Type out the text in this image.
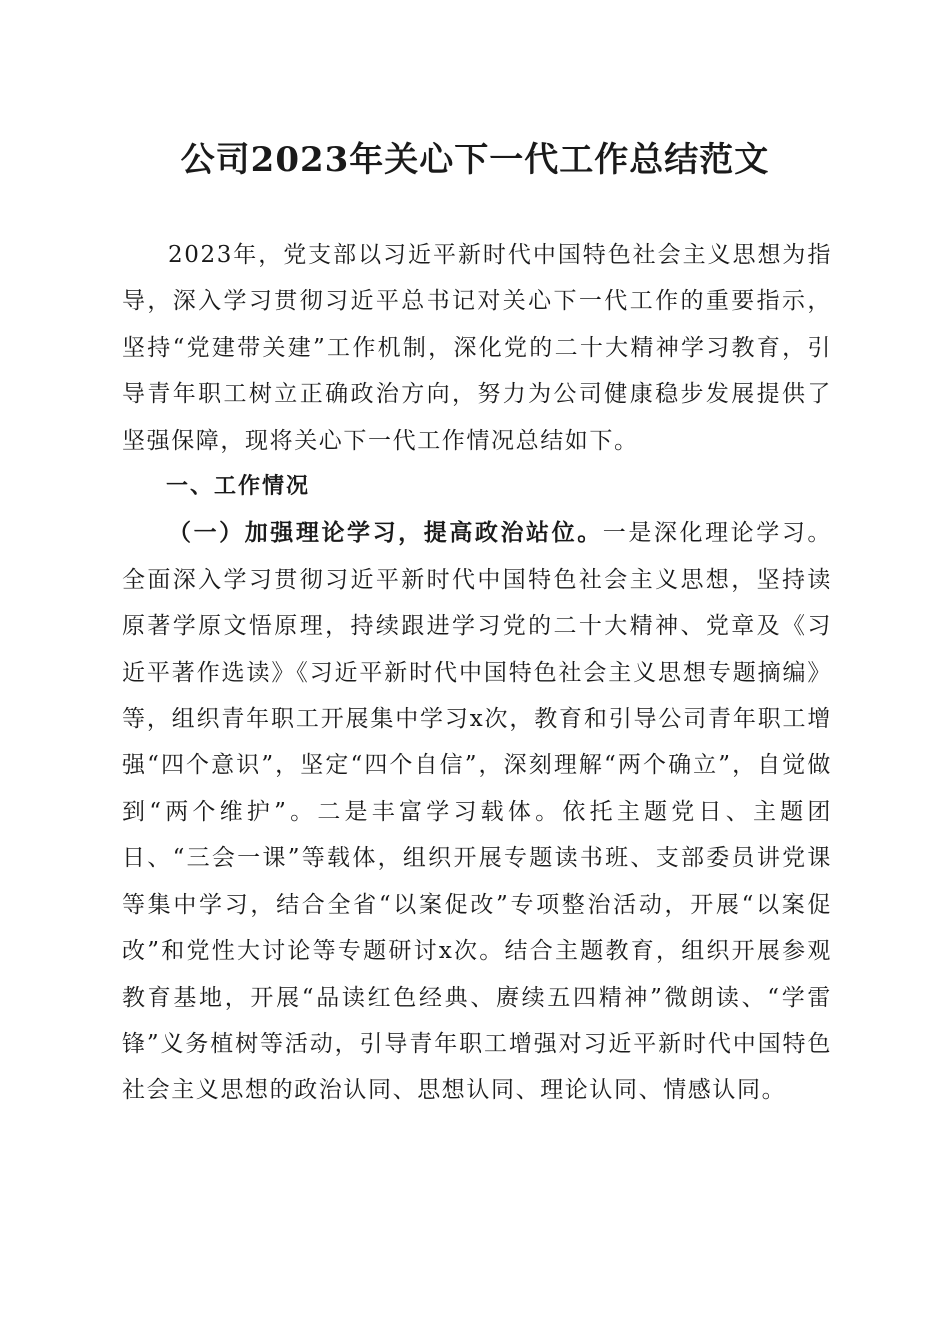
公司2023年关心下一代工作总结范文

2023年，党支部以习近平新时代中国特色社会主义思想为指导，深入学习贯彻习近平总书记对关心下一代工作的重要指示，坚持“党建带关建”工作机制，深化党的二十大精神学习教育，引导青年职工树立正确政治方向，努力为公司健康稳步发展提供了坚强保障，现将关心下一代工作情况总结如下。

一、工作情况

（一）加强理论学习，提高政治站位。一是深化理论学习。全面深入学习贯彻习近平新时代中国特色社会主义思想，坚持读原著学原文悟原理，持续跟进学习党的二十大精神、党章及《习近平著作选读》《习近平新时代中国特色社会主义思想专题摘编》等，组织青年职工开展集中学习x次，教育和引导公司青年职工增强“四个意识”，坚定“四个自信”，深刻理解“两个确立”，自觉做到“两个维护”。二是丰富学习载体。依托主题党日、主题团日、“三会一课”等载体，组织开展专题读书班、支部委员讲党课等集中学习，结合全省“以案促改”专项整治活动，开展“以案促改”和党性大讨论等专题研讨x次。结合主题教育，组织开展参观教育基地，开展“品读红色经典、赓续五四精神”微朗读、“学雷锋”义务植树等活动，引导青年职工增强对习近平新时代中国特色社会主义思想的政治认同、思想认同、理论认同、情感认同。
